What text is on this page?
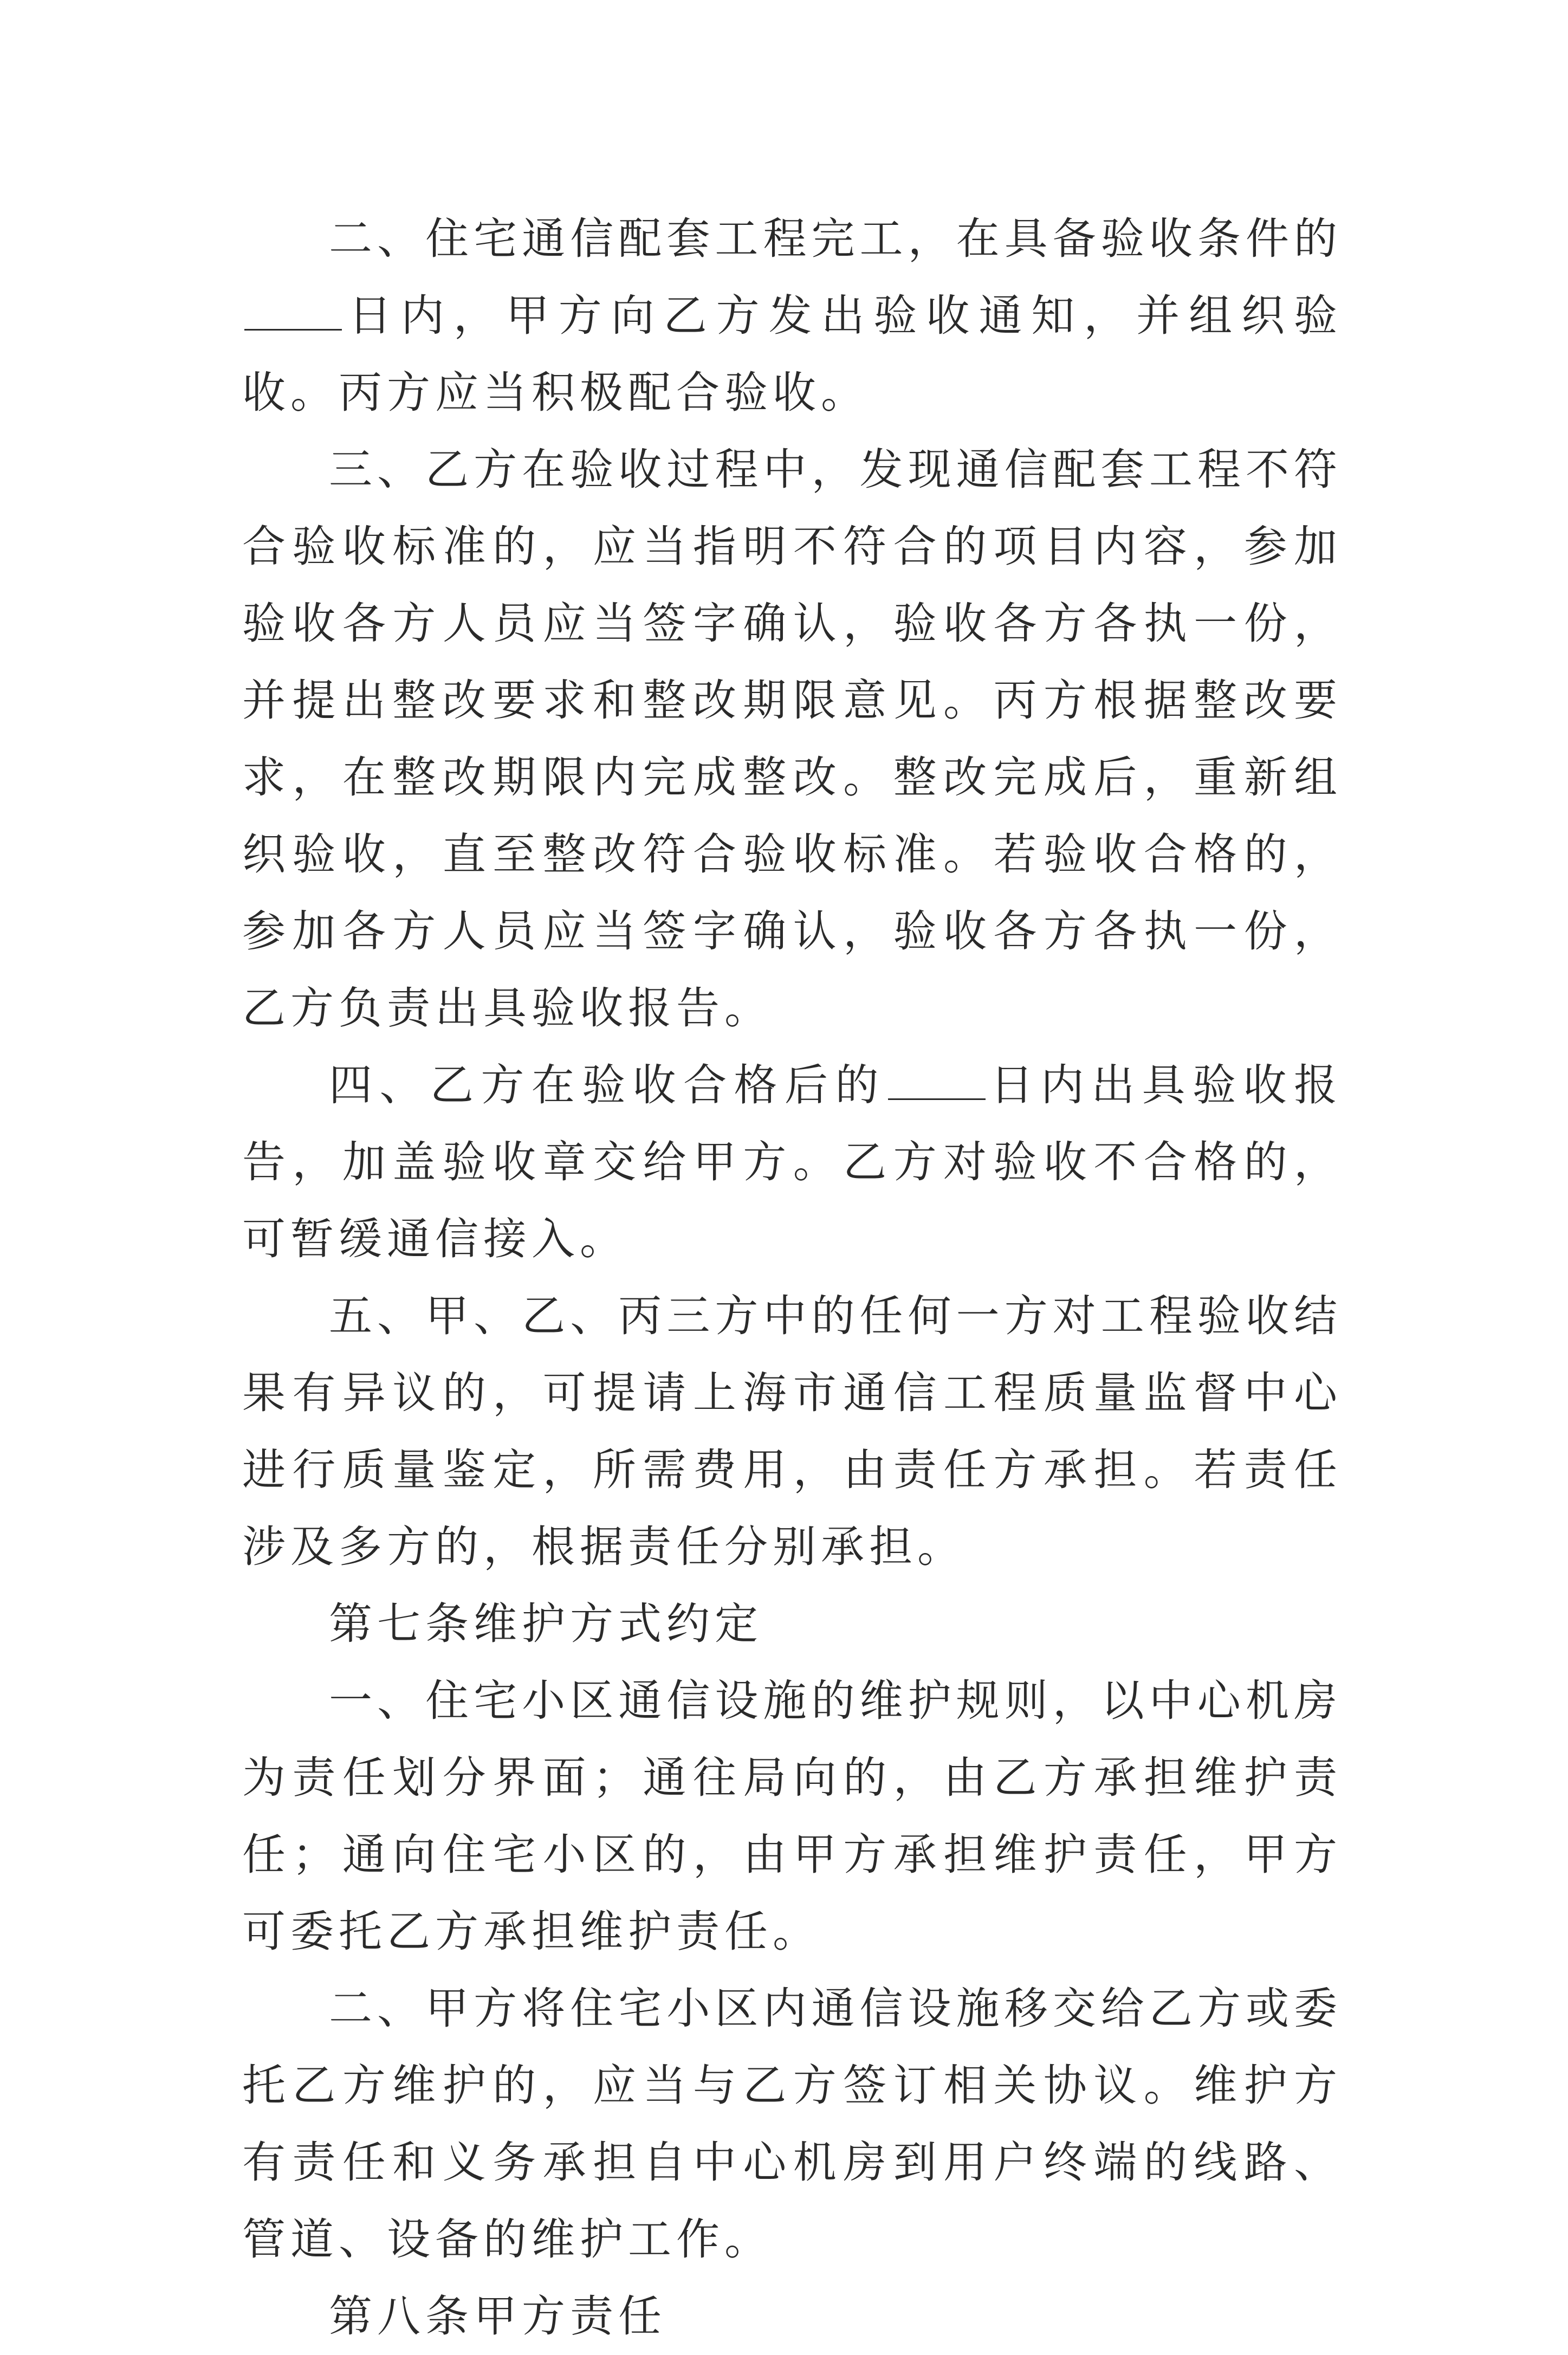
二、住宅通信配套工程完工，在具备验收条件的日内，甲方向乙方发出验收通知，并组织验收。丙方应当积极配合验收。

三、乙方在验收过程中，发现通信配套工程不符合验收标准的，应当指明不符合的项目内容，参加验收各方人员应当签字确认，验收各方各执一份，并提出整改要求和整改期限意见。丙方根据整改要求，在整改期限内完成整改。整改完成后，重新组织验收，直至整改符合验收标准。若验收合格的，参加各方人员应当签字确认，验收各方各执一份，乙方负责出具验收报告。

四、乙方在验收合格后的 日内出具验收报告，加盖验收章交给甲方。乙方对验收不合格的，可暂缓通信接入。

五、甲、乙、丙三方中的任何一方对工程验收结果有异议的，可提请上海市通信工程质量监督中心进行质量鉴定，所需费用，由责任方承担。若责任涉及多方的，根据责任分别承担。

第七条维护方式约定

一、住宅小区通信设施的维护规则，以中心机房为责任划分界面；通往局向的，由乙方承担维护责任；通向住宅小区的，由甲方承担维护责任，甲方可委托乙方承担维护责任。

二、甲方将住宅小区内通信设施移交给乙方或委托乙方维护的，应当与乙方签订相关协议。维护方有责任和义务承担自中心机房到用户终端的线路、管道、设备的维护工作。

第八条甲方责任
